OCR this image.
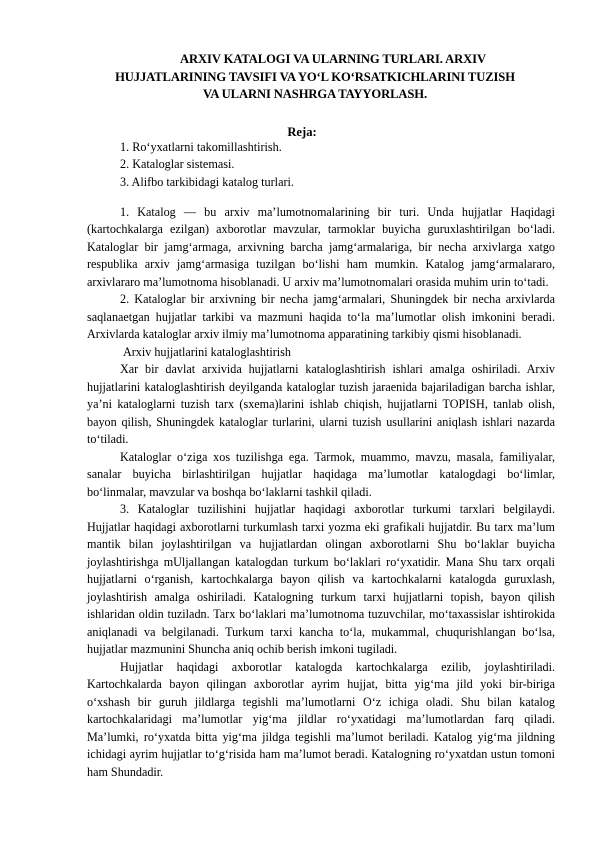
ARXIV KATALOGI VA ULARNING TURLARI. ARXIV
HUJJATLARINING TAVSIFI VA YO‘L KO‘RSATKICHLARINI TUZISH
VA ULARNI NASHRGA TAYYORLASH.
Reja:
1. Ro‘yxatlarni takomillashtirish.
2. Kataloglar sistemasi.
3. Alifbo tarkibidagi katalog turlari.

1. Katalog — bu arxiv ma’lumotnomalarining bir turi. Unda hujjatlar Haqidagi (kartochkalarga ezilgan) axborotlar mavzular, tarmoklar buyicha guruxlashtirilgan bo‘ladi. Kataloglar bir jamg‘armaga, arxivning barcha jamg‘armalariga, bir necha arxivlarga xatgo respublika arxiv jamg‘armasiga tuzilgan bo‘lishi ham mumkin. Katalog jamg‘armalararo, arxivlararo ma’lumotnoma hisoblanadi. U arxiv ma’lumotnomalari orasida muhim urin to‘tadi.

2. Kataloglar bir arxivning bir necha jamg‘armalari, Shuningdek bir necha arxivlarda saqlanaetgan hujjatlar tarkibi va mazmuni haqida to‘la ma’lumotlar olish imkonini beradi. Arxivlarda kataloglar arxiv ilmiy ma’lumotnoma apparatining tarkibiy qismi hisoblanadi.

Arxiv hujjatlarini kataloglashtirish

Xar bir davlat arxivida hujjatlarni kataloglashtirish ishlari amalga oshiriladi. Arxiv hujjatlarini kataloglashtirish deyilganda kataloglar tuzish jaraenida bajariladigan barcha ishlar, ya’ni kataloglarni tuzish tarx (sxema)larini ishlab chiqish, hujjatlarni TOPISH, tanlab olish, bayon qilish, Shuningdek kataloglar turlarini, ularni tuzish usullarini aniqlash ishlari nazarda to‘tiladi.

Kataloglar o‘ziga xos tuzilishga ega. Tarmok, muammo, mavzu, masala, familiyalar, sanalar buyicha birlashtirilgan hujjatlar haqidaga ma’lumotlar katalogdagi bo‘limlar, bo‘linmalar, mavzular va boshqa bo‘laklarni tashkil qiladi.

3. Kataloglar tuzilishini hujjatlar haqidagi axborotlar turkumi tarxlari belgilaydi. Hujjatlar haqidagi axborotlarni turkumlash tarxi yozma eki grafikali hujjatdir. Bu tarx ma’lum mantik bilan joylashtirilgan va hujjatlardan olingan axborotlarni Shu bo‘laklar buyicha joylashtirishga mUljallangan katalogdan turkum bo‘laklari ro‘yxatidir. Mana Shu tarx orqali hujjatlarni o‘rganish, kartochkalarga bayon qilish va kartochkalarni katalogda guruxlash, joylashtirish amalga oshiriladi. Katalogning turkum tarxi hujjatlarni topish, bayon qilish ishlaridan oldin tuziladn. Tarx bo‘laklari ma’lumotnoma tuzuvchilar, mo‘taxassislar ishtirokida aniqlanadi va belgilanadi. Turkum tarxi kancha to‘la, mukammal, chuqurishlangan bo‘lsa, hujjatlar mazmunini Shuncha aniq ochib berish imkoni tugiladi.

Hujjatlar haqidagi axborotlar katalogda kartochkalarga ezilib, joylashtiriladi. Kartochkalarda bayon qilingan axborotlar ayrim hujjat, bitta yig‘ma jild yoki bir-biriga o‘xshash bir guruh jildlarga tegishli ma’lumotlarni O‘z ichiga oladi. Shu bilan katalog kartochkalaridagi ma’lumotlar yig‘ma jildlar ro‘yxatidagi ma’lumotlardan farq qiladi. Ma’lumki, ro‘yxatda bitta yig‘ma jildga tegishli ma’lumot beriladi. Katalog yig‘ma jildning ichidagi ayrim hujjatlar to‘g‘risida ham ma’lumot beradi. Katalogning ro‘yxatdan ustun tomoni ham Shundadir.
